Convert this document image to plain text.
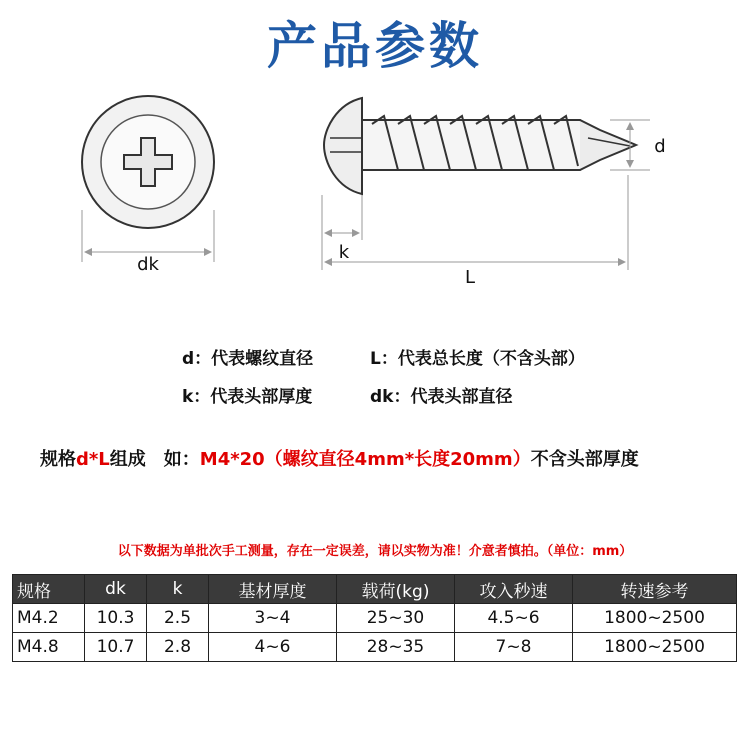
产品参数
dk
d
k
L
d：代表螺纹直径	L：代表总长度（不含头部）
k：代表头部厚度	dk：代表头部直径
规格d*L组成　如：M4*20（螺纹直径4mm*长度20mm）不含头部厚度
以下数据为单批次手工测量，存在一定误差，请以实物为准！介意者慎拍。（单位：mm）
规格	dk	k	基材厚度	载荷(kg)	攻入秒速	转速参考
M4.2	10.3	2.5	3~4	25~30	4.5~6	1800~2500
M4.8	10.7	2.8	4~6	28~35	7~8	1800~2500
